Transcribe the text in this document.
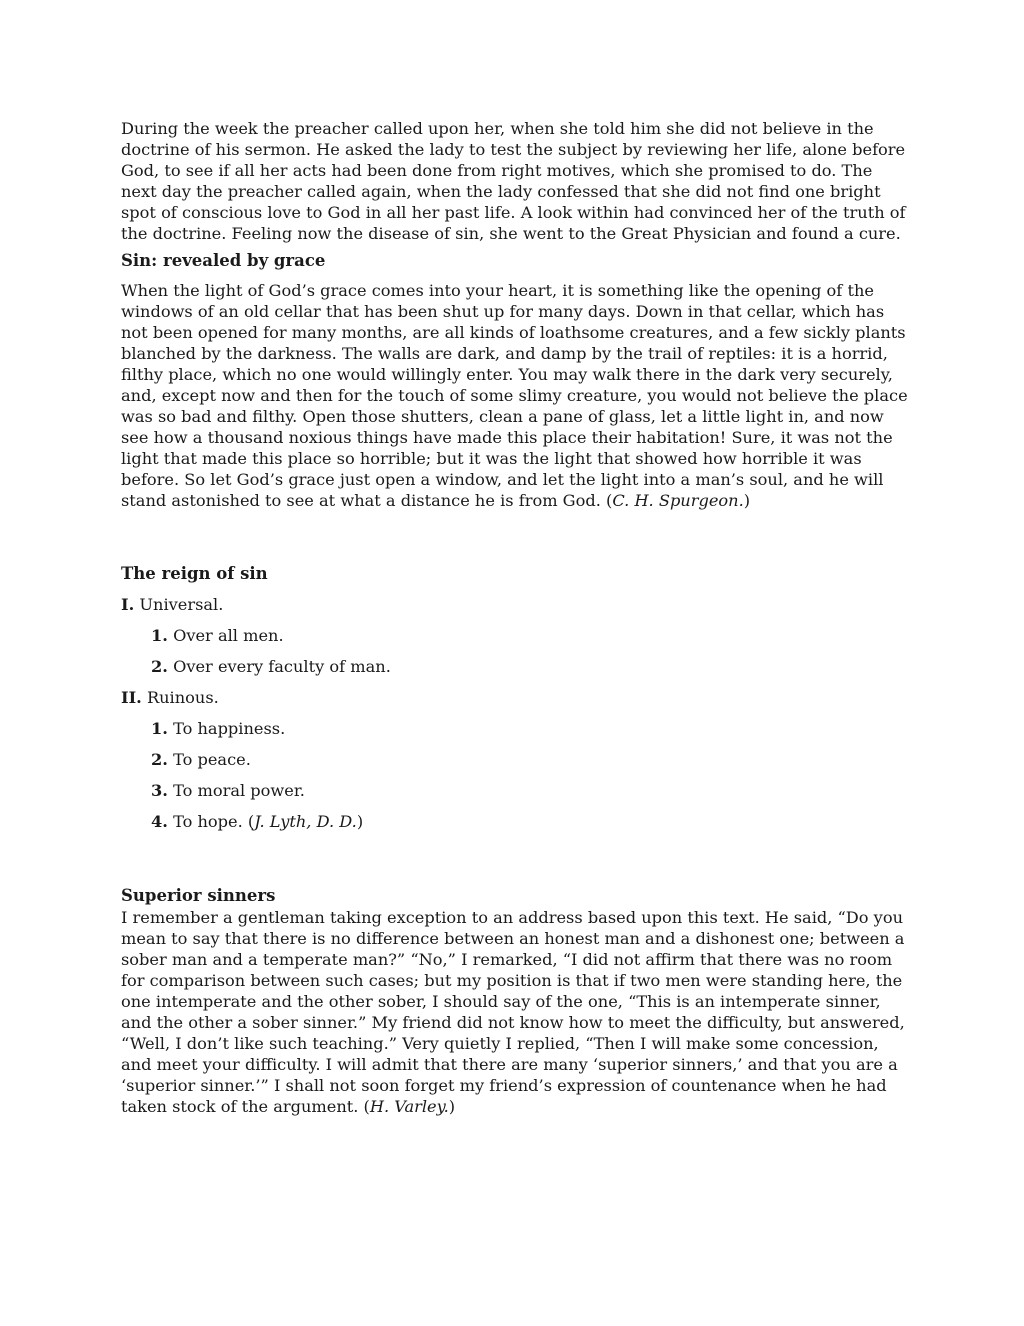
During the week the preacher called upon her, when she told him she did not believe in the doctrine of his sermon. He asked the lady to test the subject by reviewing her life, alone before God, to see if all her acts had been done from right motives, which she promised to do. The next day the preacher called again, when the lady confessed that she did not find one bright spot of conscious love to God in all her past life. A look within had convinced her of the truth of the doctrine. Feeling now the disease of sin, she went to the Great Physician and found a cure.

Sin: revealed by grace

When the light of God’s grace comes into your heart, it is something like the opening of the windows of an old cellar that has been shut up for many days. Down in that cellar, which has not been opened for many months, are all kinds of loathsome creatures, and a few sickly plants blanched by the darkness. The walls are dark, and damp by the trail of reptiles: it is a horrid, filthy place, which no one would willingly enter. You may walk there in the dark very securely, and, except now and then for the touch of some slimy creature, you would not believe the place was so bad and filthy. Open those shutters, clean a pane of glass, let a little light in, and now see how a thousand noxious things have made this place their habitation! Sure, it was not the light that made this place so horrible; but it was the light that showed how horrible it was before. So let God’s grace just open a window, and let the light into a man’s soul, and he will stand astonished to see at what a distance he is from God. (C. H. Spurgeon.)

The reign of sin

I. Universal.

1. Over all men.

2. Over every faculty of man.

II. Ruinous.

1. To happiness.

2. To peace.

3. To moral power.

4. To hope. (J. Lyth, D. D.)

Superior sinners

I remember a gentleman taking exception to an address based upon this text. He said, “Do you mean to say that there is no difference between an honest man and a dishonest one; between a sober man and a temperate man?” “No,” I remarked, “I did not affirm that there was no room for comparison between such cases; but my position is that if two men were standing here, the one intemperate and the other sober, I should say of the one, “This is an intemperate sinner, and the other a sober sinner.” My friend did not know how to meet the difficulty, but answered, “Well, I don’t like such teaching.” Very quietly I replied, “Then I will make some concession, and meet your difficulty. I will admit that there are many ‘superior sinners,’ and that you are a ‘superior sinner.’” I shall not soon forget my friend’s expression of countenance when he had taken stock of the argument. (H. Varley.)
